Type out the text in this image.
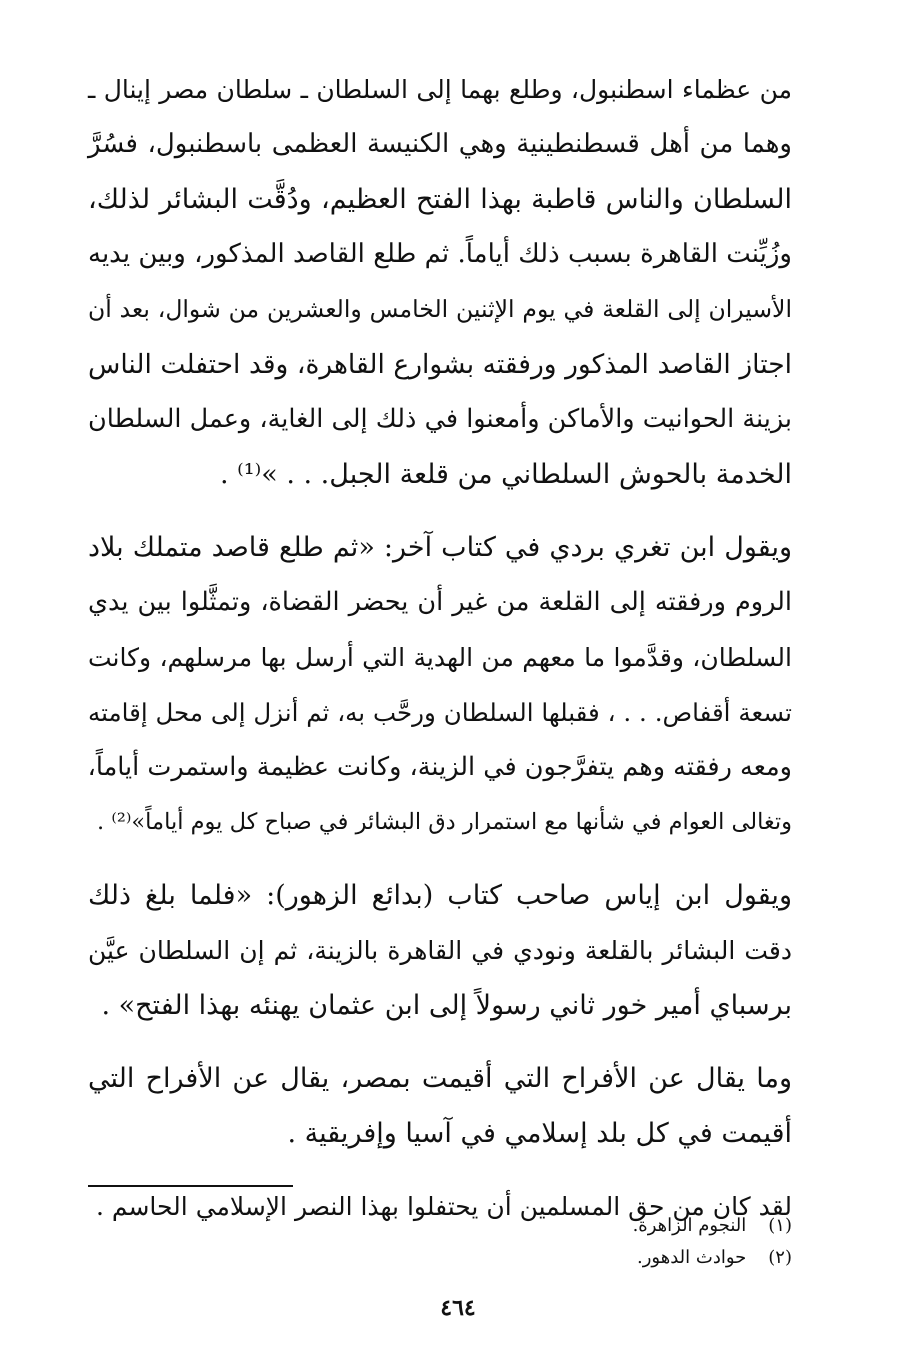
من عظماء اسطنبول، وطلع بهما إلى السلطان ـ سلطان مصر إينال ـ
وهما من أهل قسطنطينية وهي الكنيسة العظمى باسطنبول، فسُرَّ
السلطان والناس قاطبة بهذا الفتح العظيم، ودُقَّت البشائر لذلك،
وزُيِّنت القاهرة بسبب ذلك أياماً. ثم طلع القاصد المذكور، وبين يديه
الأسيران إلى القلعة في يوم الإثنين الخامس والعشرين من شوال، بعد أن
اجتاز القاصد المذكور ورفقته بشوارع القاهرة، وقد احتفلت الناس
بزينة الحوانيت والأماكن وأمعنوا في ذلك إلى الغاية، وعمل السلطان
الخدمة بالحوش السلطاني من قلعة الجبل. . . »⁽¹⁾ .
ويقول ابن تغري بردي في كتاب آخر: «ثم طلع قاصد متملك بلاد
الروم ورفقته إلى القلعة من غير أن يحضر القضاة، وتمثَّلوا بين يدي
السلطان، وقدَّموا ما معهم من الهدية التي أرسل بها مرسلهم، وكانت
تسعة أقفاص. . . ، فقبلها السلطان ورحَّب به، ثم أنزل إلى محل إقامته
ومعه رفقته وهم يتفرَّجون في الزينة، وكانت عظيمة واستمرت أياماً،
وتغالى العوام في شأنها مع استمرار دق البشائر في صباح كل يوم أياماً»⁽²⁾ .
ويقول ابن إياس صاحب كتاب (بدائع الزهور): «فلما بلغ ذلك
دقت البشائر بالقلعة ونودي في القاهرة بالزينة، ثم إن السلطان عيَّن
برسباي أمير خور ثاني رسولاً إلى ابن عثمان يهنئه بهذا الفتح» .
وما يقال عن الأفراح التي أقيمت بمصر، يقال عن الأفراح التي
أقيمت في كل بلد إسلامي في آسيا وإفريقية .
لقد كان من حق المسلمين أن يحتفلوا بهذا النصر الإسلامي الحاسم .
(١) النجوم الزاهرة.
(٢) حوادث الدهور.
٤٦٤
